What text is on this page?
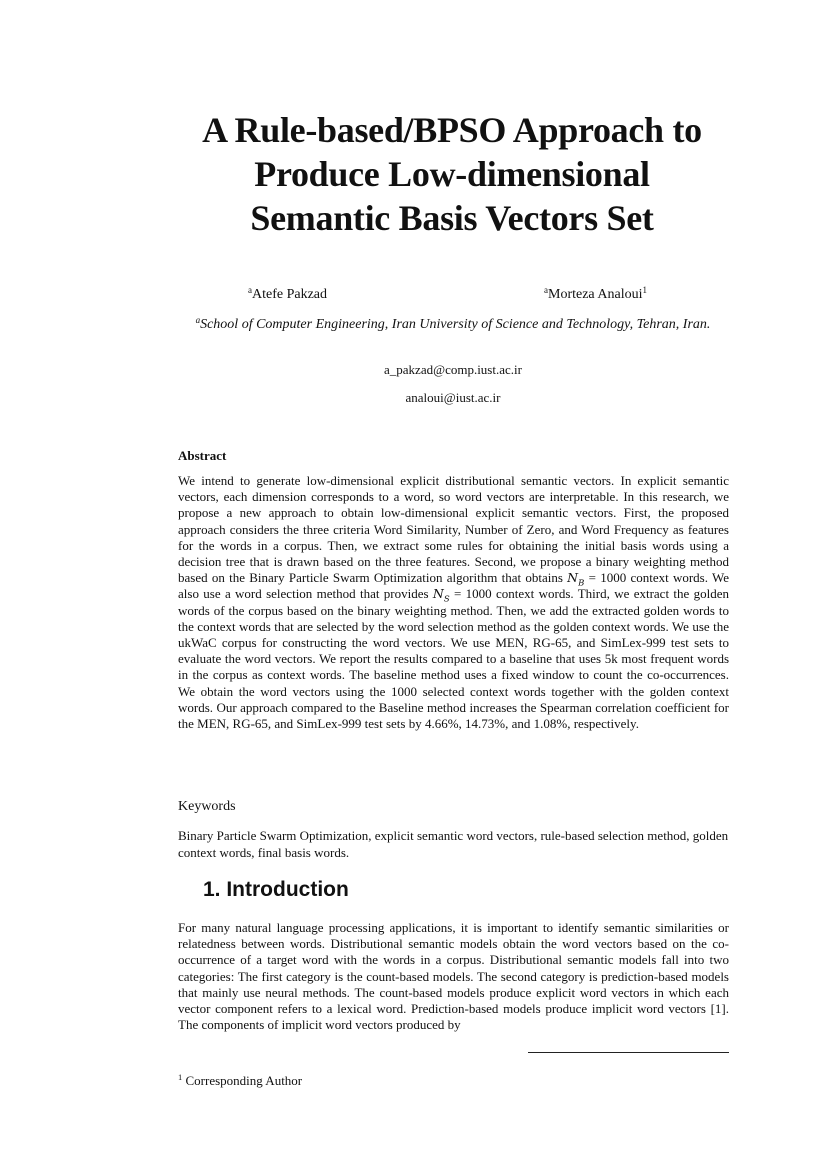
A Rule-based/BPSO Approach to
Produce Low-dimensional
Semantic Basis Vectors Set
$^a$Atefe Pakzad	$^a$Morteza Analoui$^1$
$^a$School of Computer Engineering, Iran University of Science and Technology, Tehran, Iran.
a_pakzad@comp.iust.ac.ir
analoui@iust.ac.ir
Abstract

We intend to generate low-dimensional explicit distributional semantic vectors. In explicit semantic vectors, each dimension corresponds to a word, so word vectors are interpretable. In this research, we propose a new approach to obtain low-dimensional explicit semantic vectors. First, the proposed approach considers the three criteria Word Similarity, Number of Zero, and Word Frequency as features for the words in a corpus. Then, we extract some rules for obtaining the initial basis words using a decision tree that is drawn based on the three features. Second, we propose a binary weighting method based on the Binary Particle Swarm Optimization algorithm that obtains $N_B = 1000$ context words. We also use a word selection method that provides $N_S = 1000$ context words. Third, we extract the golden words of the corpus based on the binary weighting method. Then, we add the extracted golden words to the context words that are selected by the word selection method as the golden context words. We use the ukWaC corpus for constructing the word vectors. We use MEN, RG-65, and SimLex-999 test sets to evaluate the word vectors. We report the results compared to a baseline that uses 5k most frequent words in the corpus as context words. The baseline method uses a fixed window to count the co-occurrences. We obtain the word vectors using the 1000 selected context words together with the golden context words. Our approach compared to the Baseline method increases the Spearman correlation coefficient for the MEN, RG-65, and SimLex-999 test sets by 4.66%, 14.73%, and 1.08%, respectively.

Keywords

Binary Particle Swarm Optimization, explicit semantic word vectors, rule-based selection method, golden context words, final basis words.

1. Introduction

For many natural language processing applications, it is important to identify semantic similarities or relatedness between words. Distributional semantic models obtain the word vectors based on the co-occurrence of a target word with the words in a corpus. Distributional semantic models fall into two categories: The first category is the count-based models. The second category is prediction-based models that mainly use neural methods. The count-based models produce explicit word vectors in which each vector component refers to a lexical word. Prediction-based models produce implicit word vectors [1]. The components of implicit word vectors produced by

$^1$ Corresponding Author
